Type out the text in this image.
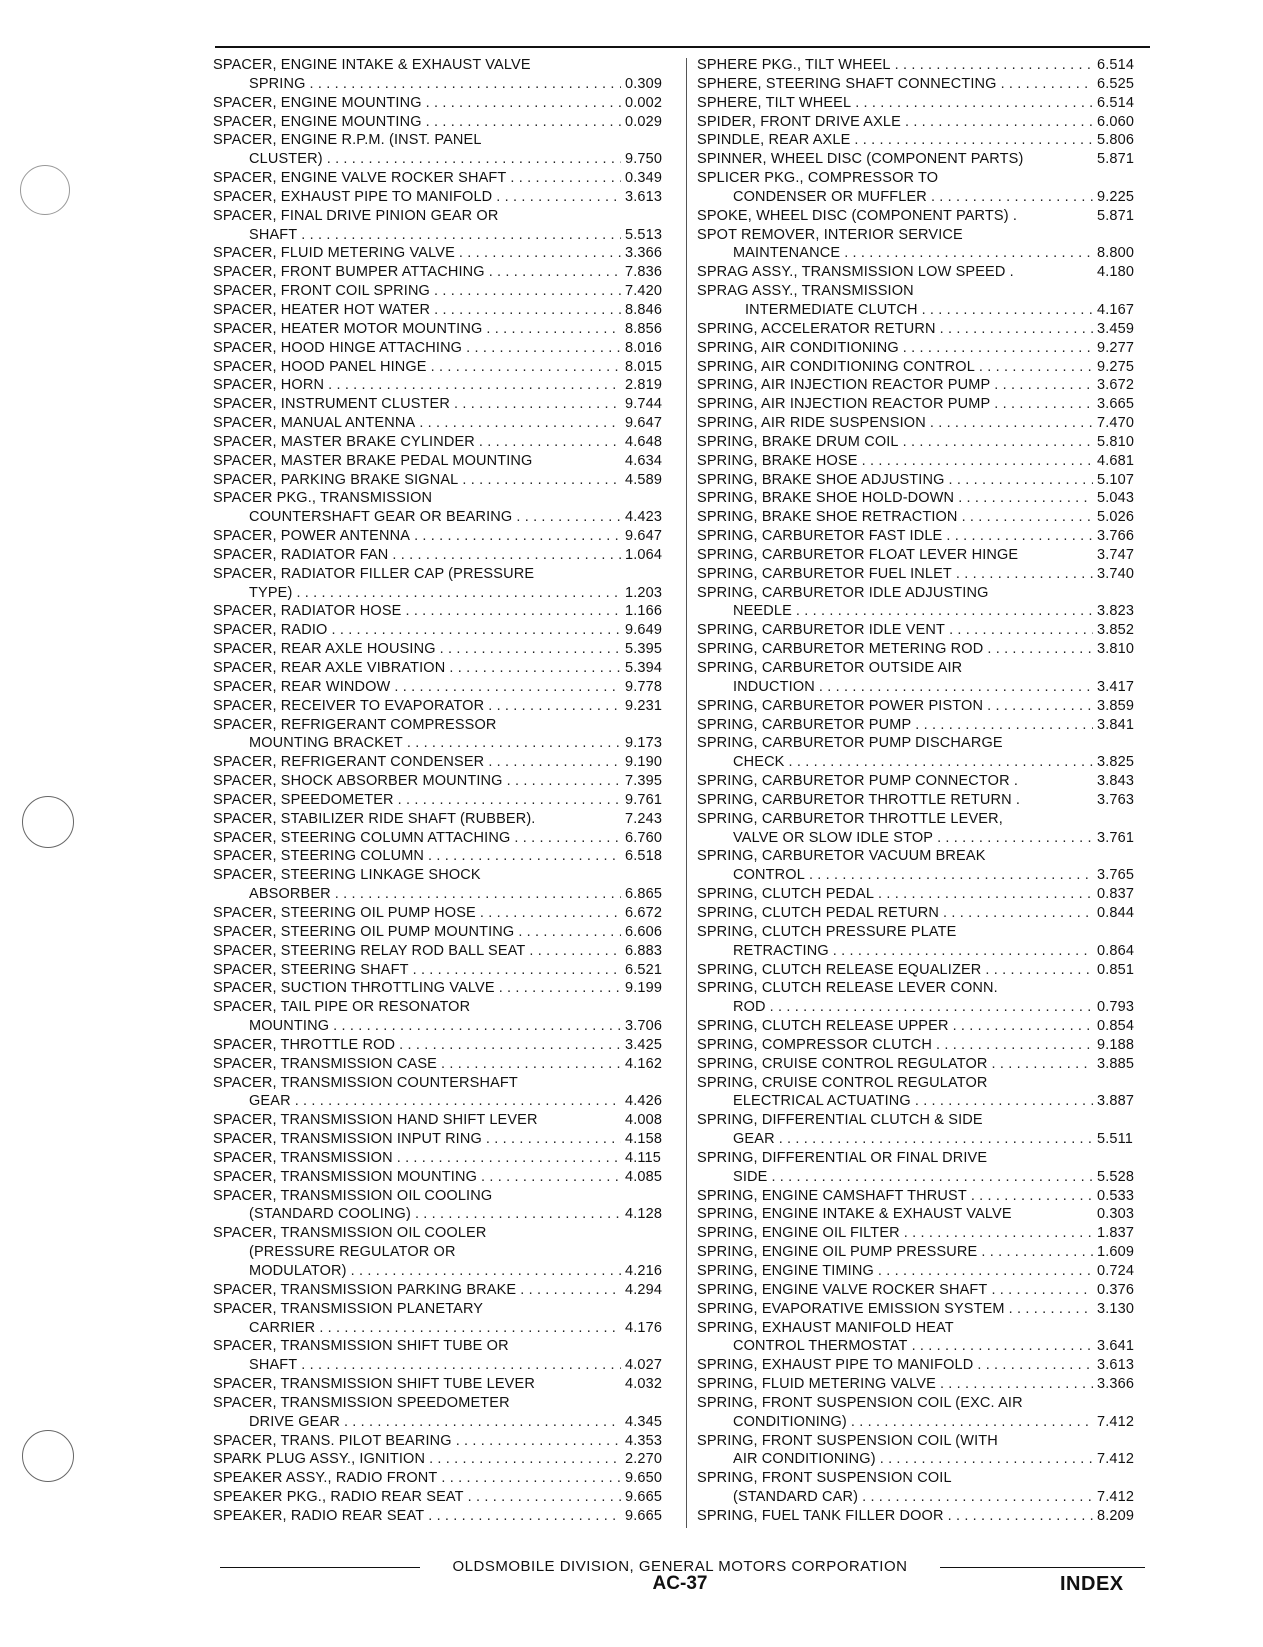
SPACER, ENGINE INTAKE & EXHAUST VALVE
SPRING . . .	0.309
SPACER, ENGINE MOUNTING . . .	0.002
SPACER, ENGINE MOUNTING . . .	0.029
SPACER, ENGINE R.P.M. (INST. PANEL
CLUSTER) . . .	9.750
SPACER, ENGINE VALVE ROCKER SHAFT . . .	0.349
SPACER, EXHAUST PIPE TO MANIFOLD . . .	3.613
SPACER, FINAL DRIVE PINION GEAR OR
SHAFT . . .	5.513
SPACER, FLUID METERING VALVE . . .	3.366
SPACER, FRONT BUMPER ATTACHING . . .	7.836
SPACER, FRONT COIL SPRING . . .	7.420
SPACER, HEATER HOT WATER . . .	8.846
SPACER, HEATER MOTOR MOUNTING . . .	8.856
SPACER, HOOD HINGE ATTACHING . . .	8.016
SPACER, HOOD PANEL HINGE . . .	8.015
SPACER, HORN . . .	2.819
SPACER, INSTRUMENT CLUSTER . . .	9.744
SPACER, MANUAL ANTENNA . . .	9.647
SPACER, MASTER BRAKE CYLINDER . . .	4.648
SPACER, MASTER BRAKE PEDAL MOUNTING	4.634
SPACER, PARKING BRAKE SIGNAL . . .	4.589
SPACER PKG., TRANSMISSION
COUNTERSHAFT GEAR OR BEARING . . .	4.423
SPACER, POWER ANTENNA . . .	9.647
SPACER, RADIATOR FAN . . .	1.064
SPACER, RADIATOR FILLER CAP (PRESSURE
TYPE) . . .	1.203
SPACER, RADIATOR HOSE . . .	1.166
SPACER, RADIO . . .	9.649
SPACER, REAR AXLE HOUSING . . .	5.395
SPACER, REAR AXLE VIBRATION . . .	5.394
SPACER, REAR WINDOW . . .	9.778
SPACER, RECEIVER TO EVAPORATOR . . .	9.231
SPACER, REFRIGERANT COMPRESSOR
MOUNTING BRACKET . . .	9.173
SPACER, REFRIGERANT CONDENSER . . .	9.190
SPACER, SHOCK ABSORBER MOUNTING . . .	7.395
SPACER, SPEEDOMETER . . .	9.761
SPACER, STABILIZER RIDE SHAFT (RUBBER).	7.243
SPACER, STEERING COLUMN ATTACHING . . .	6.760
SPACER, STEERING COLUMN . . .	6.518
SPACER, STEERING LINKAGE SHOCK
ABSORBER . . .	6.865
SPACER, STEERING OIL PUMP HOSE . . .	6.672
SPACER, STEERING OIL PUMP MOUNTING . . .	6.606
SPACER, STEERING RELAY ROD BALL SEAT . . .	6.883
SPACER, STEERING SHAFT . . .	6.521
SPACER, SUCTION THROTTLING VALVE . . .	9.199
SPACER, TAIL PIPE OR RESONATOR
MOUNTING . . .	3.706
SPACER, THROTTLE ROD . . .	3.425
SPACER, TRANSMISSION CASE . . .	4.162
SPACER, TRANSMISSION COUNTERSHAFT
GEAR . . .	4.426
SPACER, TRANSMISSION HAND SHIFT LEVER	4.008
SPACER, TRANSMISSION INPUT RING . . .	4.158
SPACER, TRANSMISSION . . .	4.115
SPACER, TRANSMISSION MOUNTING . . .	4.085
SPACER, TRANSMISSION OIL COOLING
(STANDARD COOLING) . . .	4.128
SPACER, TRANSMISSION OIL COOLER
(PRESSURE REGULATOR OR
MODULATOR) . . .	4.216
SPACER, TRANSMISSION PARKING BRAKE . . .	4.294
SPACER, TRANSMISSION PLANETARY
CARRIER . . .	4.176
SPACER, TRANSMISSION SHIFT TUBE OR
SHAFT . . .	4.027
SPACER, TRANSMISSION SHIFT TUBE LEVER	4.032
SPACER, TRANSMISSION SPEEDOMETER
DRIVE GEAR . . .	4.345
SPACER, TRANS. PILOT BEARING . . .	4.353
SPARK PLUG ASSY., IGNITION . . .	2.270
SPEAKER ASSY., RADIO FRONT . . .	9.650
SPEAKER PKG., RADIO REAR SEAT . . .	9.665
SPEAKER, RADIO REAR SEAT . . .	9.665
SPHERE PKG., TILT WHEEL . . .	6.514
SPHERE, STEERING SHAFT CONNECTING . . .	6.525
SPHERE, TILT WHEEL . . .	6.514
SPIDER, FRONT DRIVE AXLE . . .	6.060
SPINDLE, REAR AXLE . . .	5.806
SPINNER, WHEEL DISC (COMPONENT PARTS)	5.871
SPLICER PKG., COMPRESSOR TO
CONDENSER OR MUFFLER . . .	9.225
SPOKE, WHEEL DISC (COMPONENT PARTS) .	5.871
SPOT REMOVER, INTERIOR SERVICE
MAINTENANCE . . .	8.800
SPRAG ASSY., TRANSMISSION LOW SPEED .	4.180
SPRAG ASSY., TRANSMISSION
INTERMEDIATE CLUTCH . . .	4.167
SPRING, ACCELERATOR RETURN . . .	3.459
SPRING, AIR CONDITIONING . . .	9.277
SPRING, AIR CONDITIONING CONTROL . . .	9.275
SPRING, AIR INJECTION REACTOR PUMP . . .	3.672
SPRING, AIR INJECTION REACTOR PUMP . . .	3.665
SPRING, AIR RIDE SUSPENSION . . .	7.470
SPRING, BRAKE DRUM COIL . . .	5.810
SPRING, BRAKE HOSE . . .	4.681
SPRING, BRAKE SHOE ADJUSTING . . .	5.107
SPRING, BRAKE SHOE HOLD-DOWN . . .	5.043
SPRING, BRAKE SHOE RETRACTION . . .	5.026
SPRING, CARBURETOR FAST IDLE . . .	3.766
SPRING, CARBURETOR FLOAT LEVER HINGE	3.747
SPRING, CARBURETOR FUEL INLET . . .	3.740
SPRING, CARBURETOR IDLE ADJUSTING
NEEDLE . . .	3.823
SPRING, CARBURETOR IDLE VENT . . .	3.852
SPRING, CARBURETOR METERING ROD . . .	3.810
SPRING, CARBURETOR OUTSIDE AIR
INDUCTION . . .	3.417
SPRING, CARBURETOR POWER PISTON . . .	3.859
SPRING, CARBURETOR PUMP . . .	3.841
SPRING, CARBURETOR PUMP DISCHARGE
CHECK . . .	3.825
SPRING, CARBURETOR PUMP CONNECTOR .	3.843
SPRING, CARBURETOR THROTTLE RETURN .	3.763
SPRING, CARBURETOR THROTTLE LEVER,
VALVE OR SLOW IDLE STOP . . .	3.761
SPRING, CARBURETOR VACUUM BREAK
CONTROL . . .	3.765
SPRING, CLUTCH PEDAL . . .	0.837
SPRING, CLUTCH PEDAL RETURN . . .	0.844
SPRING, CLUTCH PRESSURE PLATE
RETRACTING . . .	0.864
SPRING, CLUTCH RELEASE EQUALIZER . . .	0.851
SPRING, CLUTCH RELEASE LEVER CONN.
ROD . . .	0.793
SPRING, CLUTCH RELEASE UPPER . . .	0.854
SPRING, COMPRESSOR CLUTCH . . .	9.188
SPRING, CRUISE CONTROL REGULATOR . . .	3.885
SPRING, CRUISE CONTROL REGULATOR
ELECTRICAL ACTUATING . . .	3.887
SPRING, DIFFERENTIAL CLUTCH & SIDE
GEAR . . .	5.511
SPRING, DIFFERENTIAL OR FINAL DRIVE
SIDE . . .	5.528
SPRING, ENGINE CAMSHAFT THRUST . . .	0.533
SPRING, ENGINE INTAKE & EXHAUST VALVE	0.303
SPRING, ENGINE OIL FILTER . . .	1.837
SPRING, ENGINE OIL PUMP PRESSURE . . .	1.609
SPRING, ENGINE TIMING . . .	0.724
SPRING, ENGINE VALVE ROCKER SHAFT . . .	0.376
SPRING, EVAPORATIVE EMISSION SYSTEM . . .	3.130
SPRING, EXHAUST MANIFOLD HEAT
CONTROL THERMOSTAT . . .	3.641
SPRING, EXHAUST PIPE TO MANIFOLD . . .	3.613
SPRING, FLUID METERING VALVE . . .	3.366
SPRING, FRONT SUSPENSION COIL (EXC. AIR
CONDITIONING) . . .	7.412
SPRING, FRONT SUSPENSION COIL (WITH
AIR CONDITIONING) . . .	7.412
SPRING, FRONT SUSPENSION COIL
(STANDARD CAR) . . .	7.412
SPRING, FUEL TANK FILLER DOOR . . .	8.209
OLDSMOBILE DIVISION, GENERAL MOTORS CORPORATION
AC-37	INDEX
